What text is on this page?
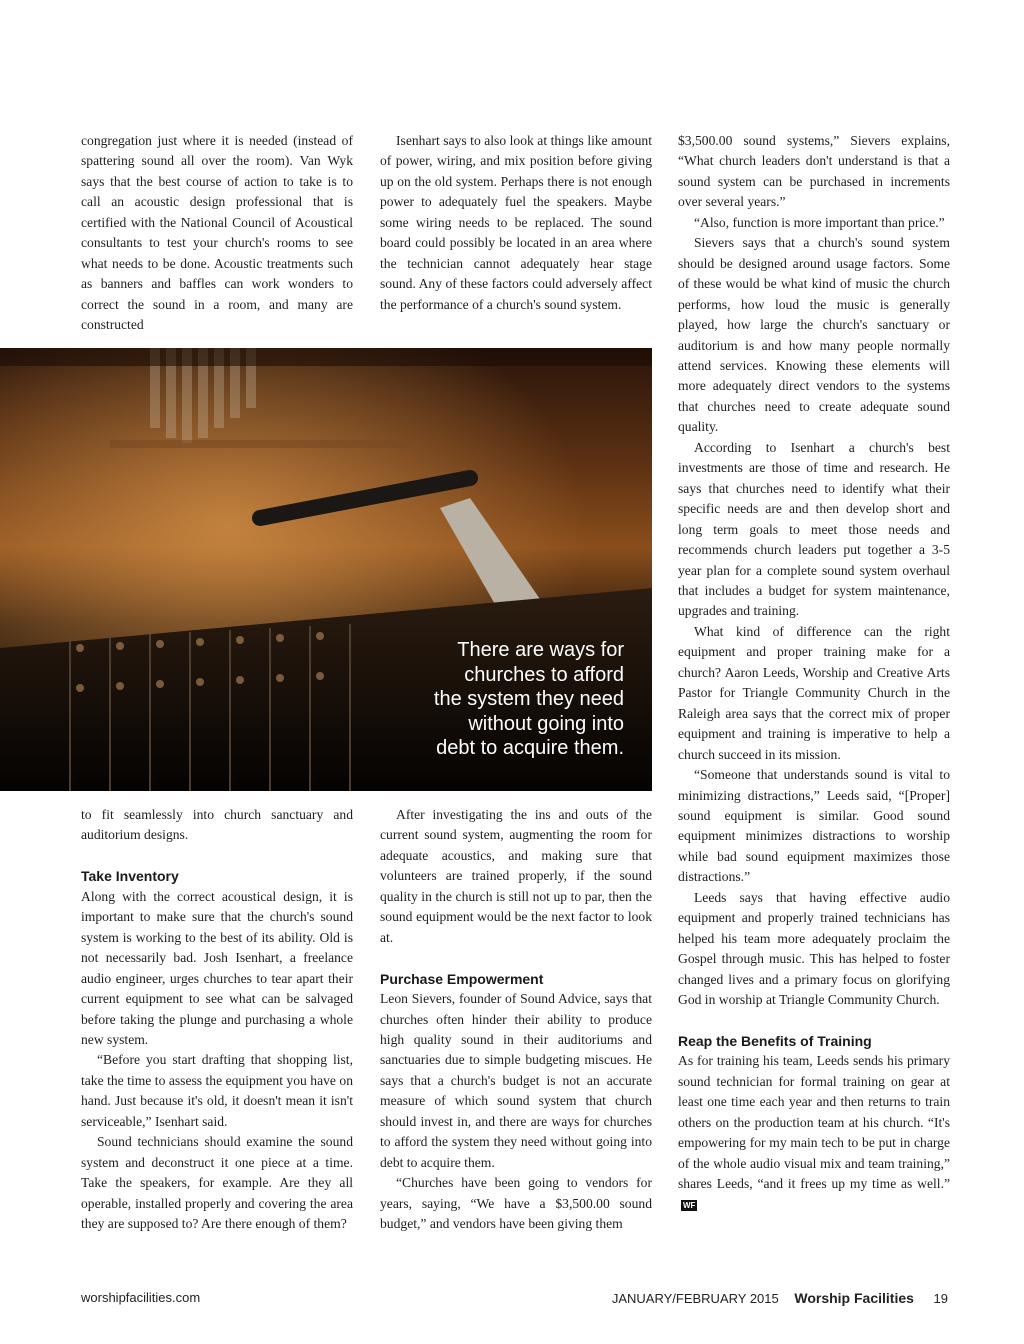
congregation just where it is needed (instead of spattering sound all over the room). Van Wyk says that the best course of action to take is to call an acoustic design professional that is certified with the National Council of Acoustical consultants to test your church's rooms to see what needs to be done. Acoustic treatments such as banners and baffles can work wonders to correct the sound in a room, and many are constructed

Isenhart says to also look at things like amount of power, wiring, and mix position before giving up on the old system. Perhaps there is not enough power to adequately fuel the speakers. Maybe some wiring needs to be replaced. The sound board could possibly be located in an area where the technician cannot adequately hear stage sound. Any of these factors could adversely affect the performance of a church's sound system.

$3,500.00 sound systems,” Sievers explains, “What church leaders don't understand is that a sound system can be purchased in increments over several years.”

“Also, function is more important than price.”

Sievers says that a church's sound system should be designed around usage factors. Some of these would be what kind of music the church performs, how loud the music is generally played, how large the church's sanctuary or auditorium is and how many people normally attend services. Knowing these elements will more adequately direct vendors to the systems that churches need to create adequate sound quality.

According to Isenhart a church's best investments are those of time and research. He says that churches need to identify what their specific needs are and then develop short and long term goals to meet those needs and recommends church leaders put together a 3-5 year plan for a complete sound system overhaul that includes a budget for system maintenance, upgrades and training.

What kind of difference can the right equipment and proper training make for a church? Aaron Leeds, Worship and Creative Arts Pastor for Triangle Community Church in the Raleigh area says that the correct mix of proper equipment and training is imperative to help a church succeed in its mission.

“Someone that understands sound is vital to minimizing distractions,” Leeds said, “[Proper] sound equipment is similar. Good sound equipment minimizes distractions to worship while bad sound equipment maximizes those distractions.”

Leeds says that having effective audio equipment and properly trained technicians has helped his team more adequately proclaim the Gospel through music. This has helped to foster changed lives and a primary focus on glorifying God in worship at Triangle Community Church.

Reap the Benefits of Training

As for training his team, Leeds sends his primary sound technician for formal training on gear at least one time each year and then returns to train others on the production team at his church. “It's empowering for my main tech to be put in charge of the whole audio visual mix and team training,” shares Leeds, “and it frees up my time as well.”WF

There are ways for
churches to afford
the system they need
without going into
debt to acquire them.

to fit seamlessly into church sanctuary and auditorium designs.

Take Inventory

Along with the correct acoustical design, it is important to make sure that the church's sound system is working to the best of its ability. Old is not necessarily bad. Josh Isenhart, a freelance audio engineer, urges churches to tear apart their current equipment to see what can be salvaged before taking the plunge and purchasing a whole new system.

“Before you start drafting that shopping list, take the time to assess the equipment you have on hand. Just because it's old, it doesn't mean it isn't serviceable,” Isenhart said.

Sound technicians should examine the sound system and deconstruct it one piece at a time. Take the speakers, for example. Are they all operable, installed properly and covering the area they are supposed to? Are there enough of them?

After investigating the ins and outs of the current sound system, augmenting the room for adequate acoustics, and making sure that volunteers are trained properly, if the sound quality in the church is still not up to par, then the sound equipment would be the next factor to look at.

Purchase Empowerment

Leon Sievers, founder of Sound Advice, says that churches often hinder their ability to produce high quality sound in their auditoriums and sanctuaries due to simple budgeting miscues. He says that a church's budget is not an accurate measure of which sound system that church should invest in, and there are ways for churches to afford the system they need without going into debt to acquire them.

“Churches have been going to vendors for years, saying, “We have a $3,500.00 sound budget,” and vendors have been giving them

worshipfacilities.com	JANUARY/FEBRUARY 2015 Worship Facilities 19
